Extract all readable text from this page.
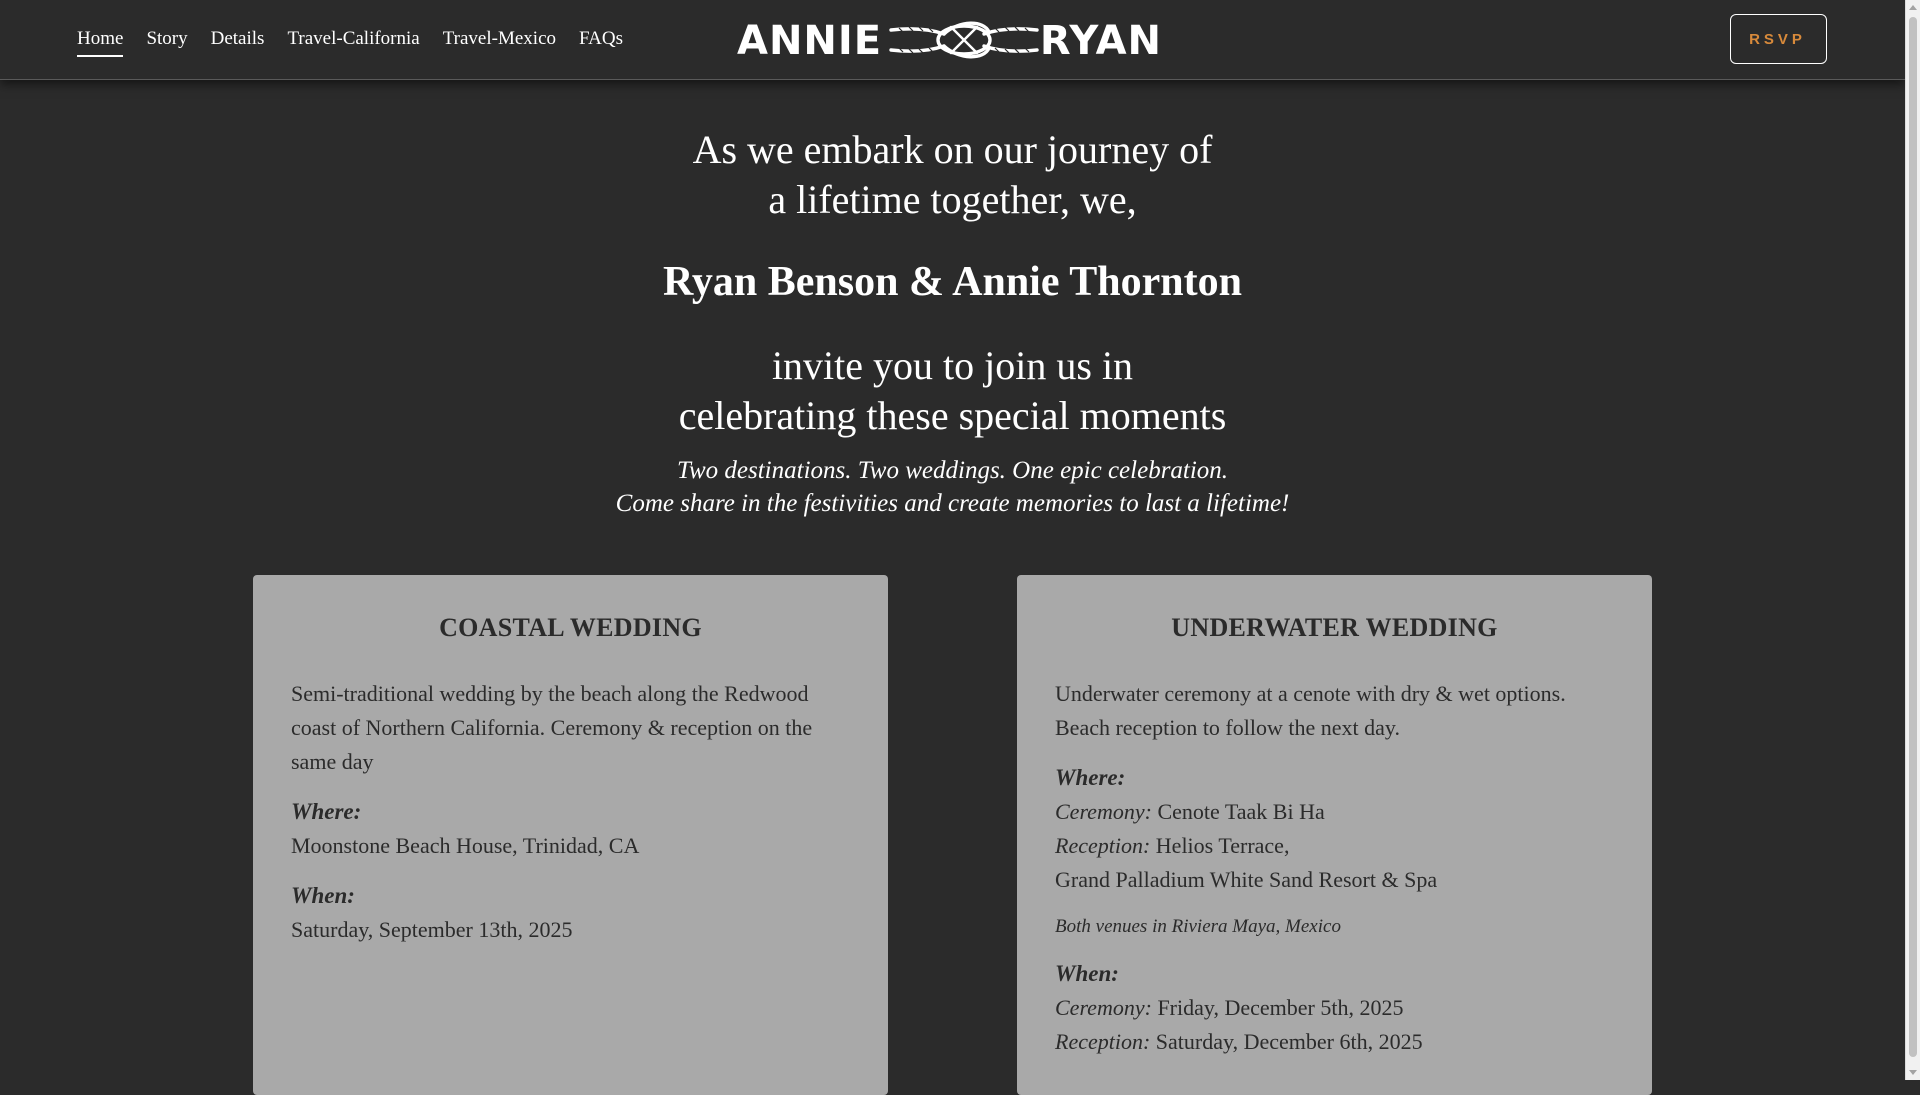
Home Story Details Travel-California Travel-Mexico FAQs	ANNIE	RYAN	RSVP
As we embark on our journey of
a lifetime together, we,
Ryan Benson & Annie Thornton
invite you to join us in
celebrating these special moments
Two destinations. Two weddings. One epic celebration.
Come share in the festivities and create memories to last a lifetime!
COASTAL WEDDING

Semi-traditional wedding by the beach along the Redwood coast of Northern California. Ceremony & reception on the same day

Where:
Moonstone Beach House, Trinidad, CA
When:
Saturday, September 13th, 2025
UNDERWATER WEDDING

Underwater ceremony at a cenote with dry & wet options. Beach reception to follow the next day.

Where:
Ceremony: Cenote Taak Bi Ha
Reception: Helios Terrace,
Grand Palladium White Sand Resort & Spa
Both venues in Riviera Maya, Mexico
When:
Ceremony: Friday, December 5th, 2025
Reception: Saturday, December 6th, 2025
